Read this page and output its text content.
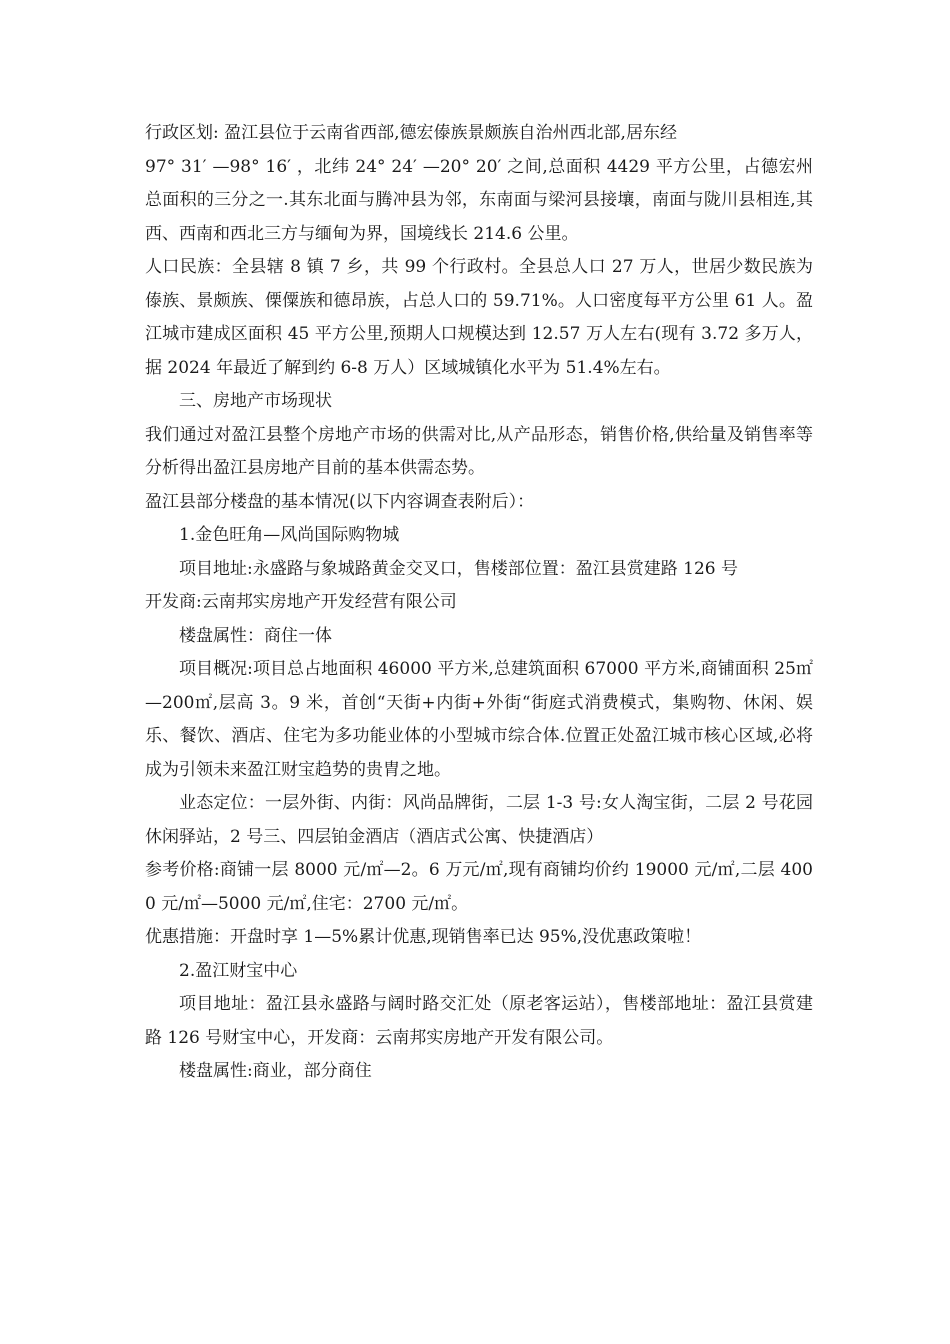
行政区划: 盈江县位于云南省西部,德宏傣族景颇族自治州西北部,居东经

97° 31′ —98° 16′ ，北纬 24° 24′ —20° 20′ 之间,总面积 4429 平方公里，占德宏州总面积的三分之一.其东北面与腾冲县为邻，东南面与梁河县接壤，南面与陇川县相连,其西、西南和西北三方与缅甸为界，国境线长 214.6 公里。

人口民族：全县辖 8 镇 7 乡，共 99 个行政村。全县总人口 27 万人，世居少数民族为傣族、景颇族、傈僳族和德昂族，占总人口的 59.71%。人口密度每平方公里 61 人。盈江城市建成区面积 45 平方公里,预期人口规模达到 12.57 万人左右(现有 3.72 多万人，据 2024 年最近了解到约 6-8 万人）区域城镇化水平为 51.4%左右。

三、房地产市场现状

我们通过对盈江县整个房地产市场的供需对比,从产品形态，销售价格,供给量及销售率等分析得出盈江县房地产目前的基本供需态势。

盈江县部分楼盘的基本情况(以下内容调查表附后）：

1.金色旺角—风尚国际购物城

项目地址:永盛路与象城路黄金交叉口，售楼部位置：盈江县赏建路 126 号

开发商:云南邦实房地产开发经营有限公司

楼盘属性：商住一体

项目概况:项目总占地面积 46000 平方米,总建筑面积 67000 平方米,商铺面积 25㎡—200㎡,层高 3。9 米，首创“天街+内街+外街“街庭式消费模式，集购物、休闲、娱乐、餐饮、酒店、住宅为多功能业体的小型城市综合体.位置正处盈江城市核心区域,必将成为引领未来盈江财宝趋势的贵胄之地。

业态定位：一层外街、内街：风尚品牌街，二层 1-3 号:女人淘宝街，二层 2 号花园休闲驿站，2 号三、四层铂金酒店（酒店式公寓、快捷酒店）

参考价格:商铺一层 8000 元/㎡—2。6 万元/㎡,现有商铺均价约 19000 元/㎡,二层 4000 元/㎡—5000 元/㎡,住宅：2700 元/㎡。

优惠措施：开盘时享 1—5%累计优惠,现销售率已达 95%,没优惠政策啦！

2.盈江财宝中心

项目地址：盈江县永盛路与阔时路交汇处（原老客运站），售楼部地址：盈江县赏建路 126 号财宝中心，开发商：云南邦实房地产开发有限公司。

楼盘属性:商业，部分商住
